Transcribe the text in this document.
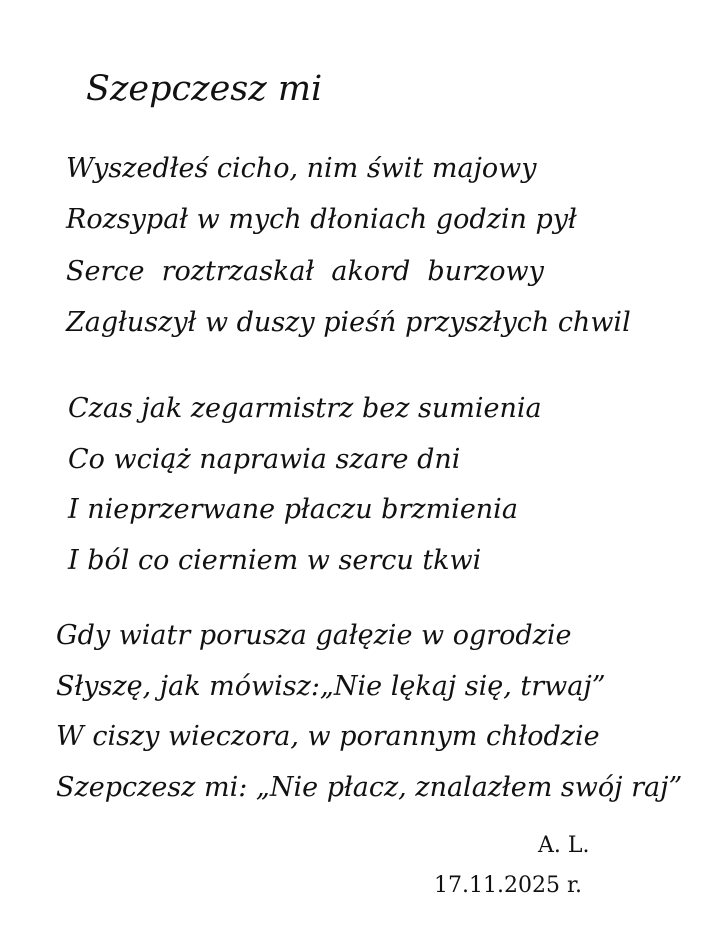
Szepczesz mi
Wyszedłeś cicho, nim świt majowy
Rozsypał w mych dłoniach godzin pył
Serce  roztrzaskał  akord  burzowy
Zagłuszył w duszy pieśń przyszłych chwil
Czas jak zegarmistrz bez sumienia
Co wciąż naprawia szare dni
I nieprzerwane płaczu brzmienia
I ból co cierniem w sercu tkwi
Gdy wiatr porusza gałęzie w ogrodzie
Słyszę, jak mówisz:„Nie lękaj się, trwaj”
W ciszy wieczora, w porannym chłodzie
Szepczesz mi: „Nie płacz, znalazłem swój raj”
A. L.
17.11.2025 r.
